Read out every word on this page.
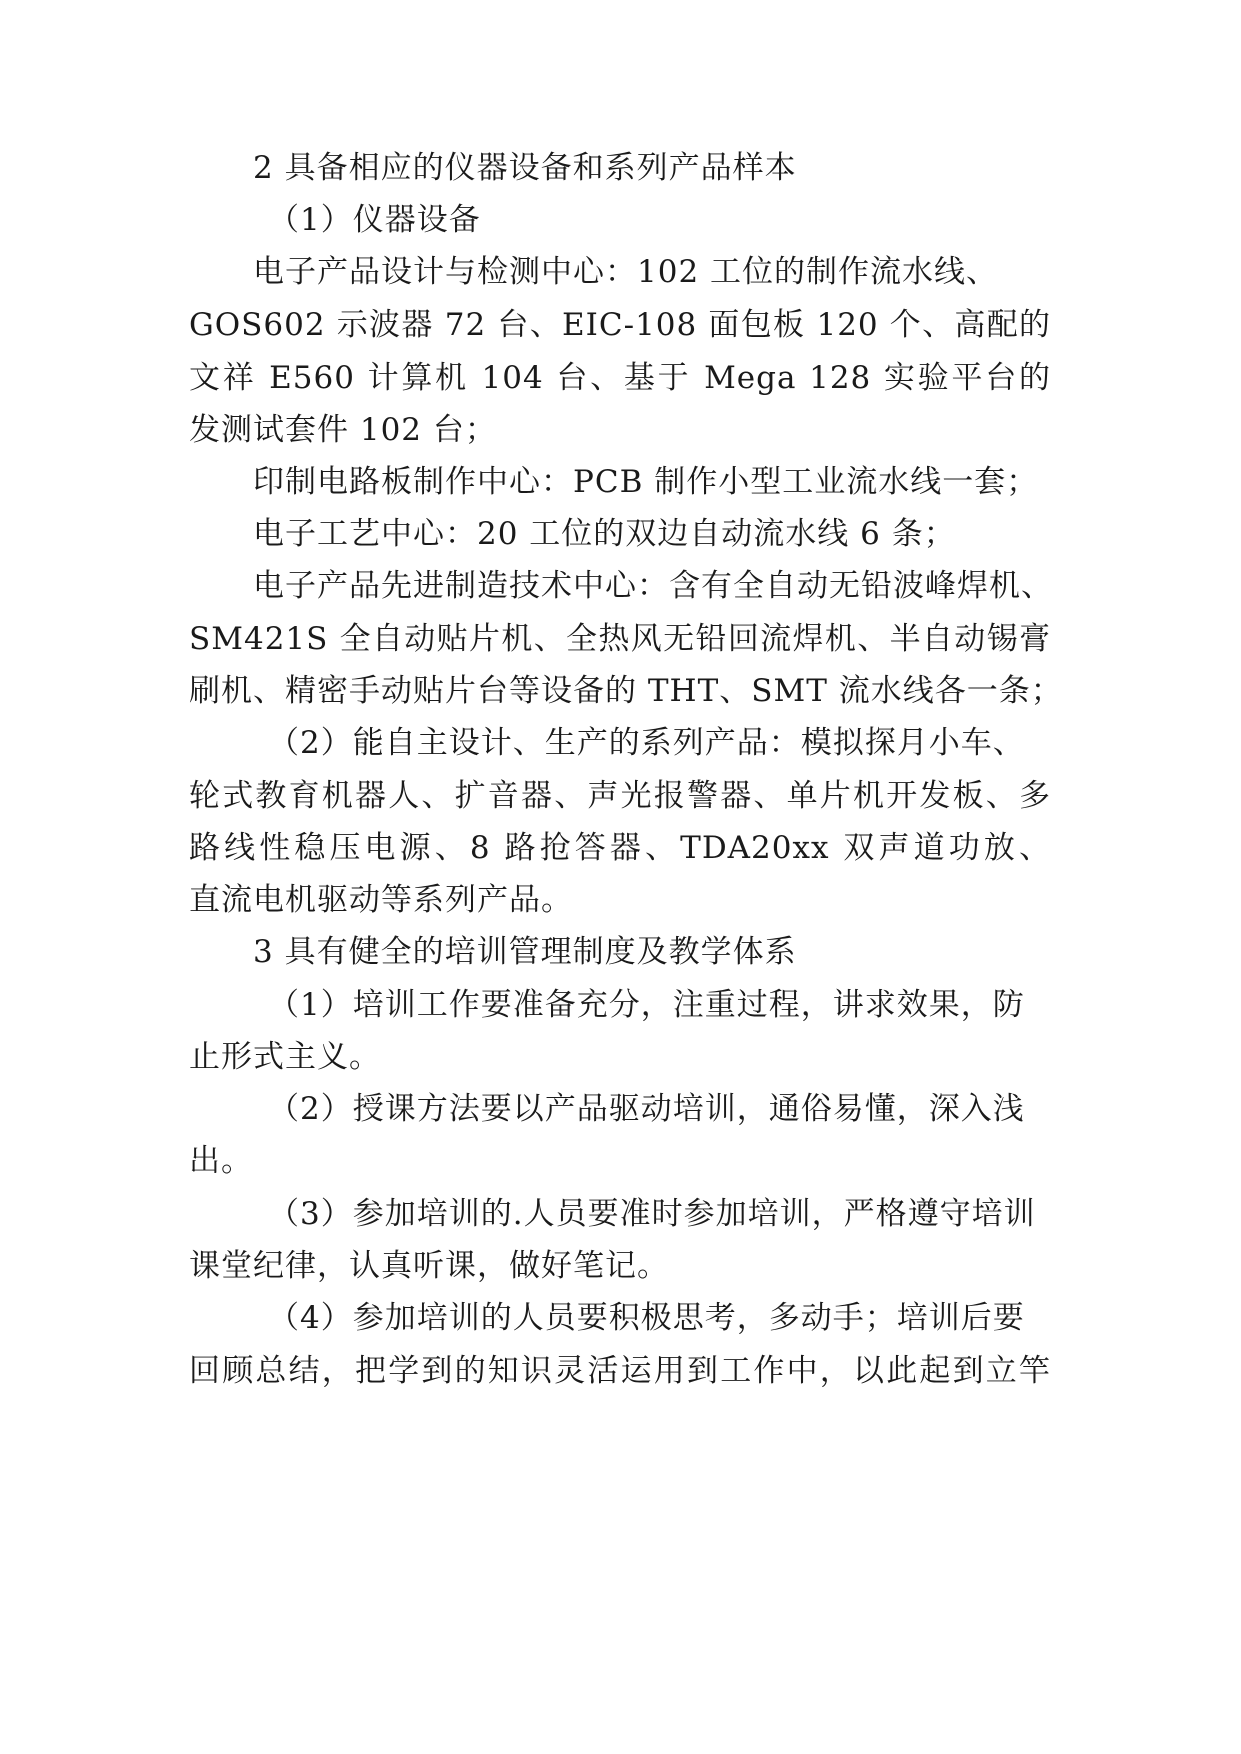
2 具备相应的仪器设备和系列产品样本
（1）仪器设备
电子产品设计与检测中心：102 工位的制作流水线、
GOS602 示波器 72 台、EIC-108 面包板 120 个、高配的
文祥 E560 计算机 104 台、基于 Mega 128 实验平台的
发测试套件 102 台；
印制电路板制作中心：PCB 制作小型工业流水线一套；
电子工艺中心：20 工位的双边自动流水线 6 条；
电子产品先进制造技术中心：含有全自动无铅波峰焊机、
SM421S 全自动贴片机、全热风无铅回流焊机、半自动锡膏
刷机、精密手动贴片台等设备的 THT、SMT 流水线各一条；
（2）能自主设计、生产的系列产品：模拟探月小车、
轮式教育机器人、扩音器、声光报警器、单片机开发板、多
路线性稳压电源、8 路抢答器、TDA20xx 双声道功放、
直流电机驱动等系列产品。
3 具有健全的培训管理制度及教学体系
（1）培训工作要准备充分，注重过程，讲求效果，防
止形式主义。
（2）授课方法要以产品驱动培训，通俗易懂，深入浅
出。
（3）参加培训的.人员要准时参加培训，严格遵守培训
课堂纪律，认真听课，做好笔记。
（4）参加培训的人员要积极思考，多动手；培训后要
回顾总结，把学到的知识灵活运用到工作中，以此起到立竿
